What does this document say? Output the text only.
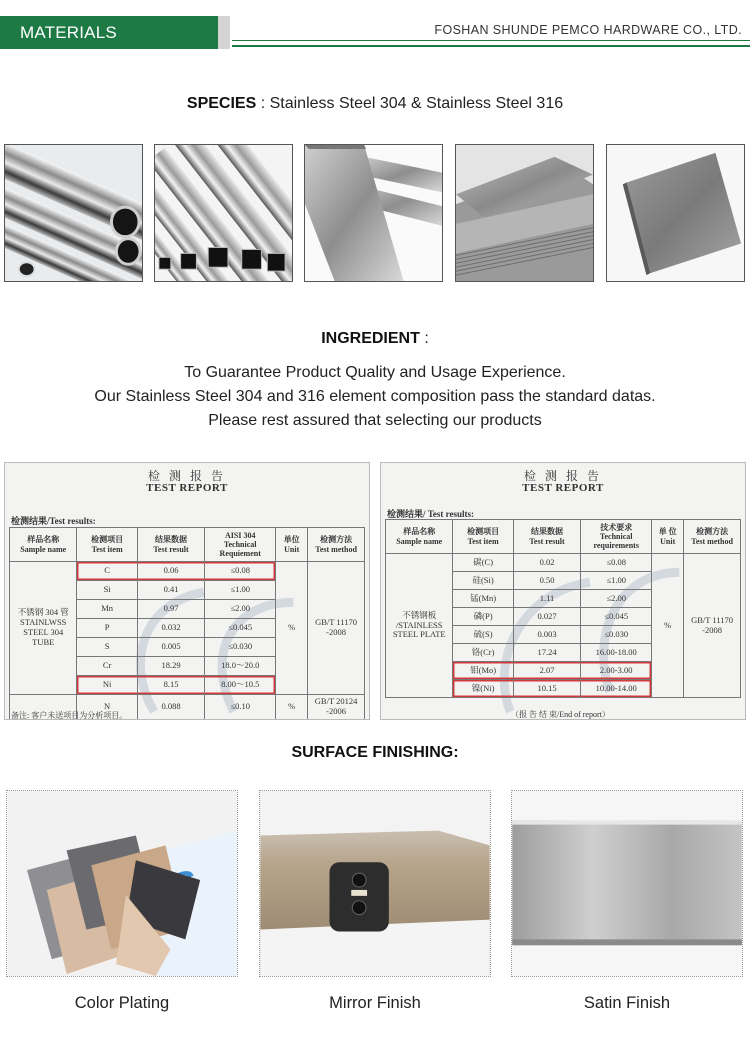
MATERIALS	FOSHAN SHUNDE PEMCO HARDWARE CO., LTD.
SPECIES : Stainless Steel 304 & Stainless Steel 316
INGREDIENT :
To Guarantee Product Quality and Usage Experience.
Our Stainless Steel 304 and 316 element composition pass the standard datas.
Please rest assured that selecting our products
检 测 报 告
TEST REPORT
检测结果/Test results:
样品名称
Sample name	检测项目
Test item	结果数据
Test result	AISI 304
Technical
Requiement	单位
Unit	检测方法
Test method
不锈钢 304 管
STAINLWSS
STEEL 304
TUBE	C	0.06	≤0.08	%	GB/T 11170
-2008
	Si	0.41	≤1.00		
	Mn	0.97	≤2.00		
	P	0.032	≤0.045		
	S	0.005	≤0.030		
	Cr	18.29	18.0～20.0		
	Ni	8.15	8.00～10.5		
	N	0.088	≤0.10	%	GB/T 20124
-2006
备注: 客户未送项目为分析项目。
检 测 报 告
TEST REPORT
检测结果/ Test results:
样品名称
Sample name	检测项目
Test item	结果数据
Test result	技术要求
Technical
requirements	单 位
Unit	检测方法
Test method
不锈钢板
/STAINLESS
STEEL PLATE	碳(C)	0.02	≤0.08	%	GB/T 11170
-2008
	硅(Si)	0.50	≤1.00		
	锰(Mn)	1.11	≤2.00		
	磷(P)	0.027	≤0.045		
	硫(S)	0.003	≤0.030		
	铬(Cr)	17.24	16.00-18.00		
	钼(Mo)	2.07	2.00-3.00		
	镍(Ni)	10.15	10.00-14.00		
（报 告 结 束/End of report）
SURFACE FINISHING:
Color Plating	Mirror Finish	Satin Finish
